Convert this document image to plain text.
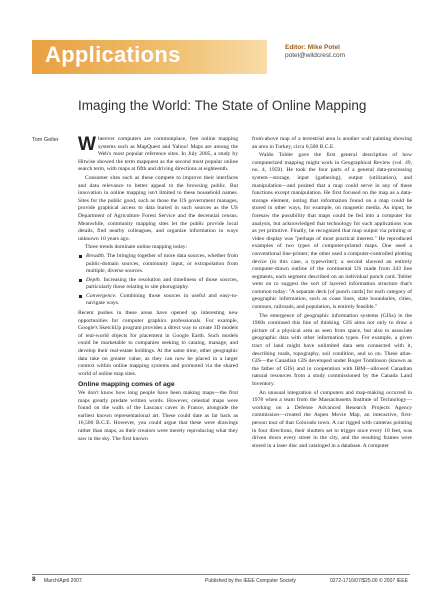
Applications	Editor: Mike Potel
potel@wildcrest.com
Imaging the World: The State of Online Mapping
Tom Geller Wherever computers are commonplace, free online mapping systems such as MapQuest and Yahoo! Maps are among the Web's most popular reference sites. In July 2005, a study by Hitwise showed the term mapquest as the second most popular online search term, with maps at fifth and driving directions at eighteenth.

Consumer sites such as these compete to improve their interfaces and data relevance to better appeal to the browsing public. But innovation in online mapping isn't limited to these household names. Sites for the public good, such as those the US government manages, provide graphical access to data buried in such sources as the US Department of Agriculture Forest Service and the decennial census. Meanwhile, community mapping sites let the public provide local details, find nearby colleagues, and organize information in ways unknown 10 years ago.

Three trends dominate online mapping today:

Breadth. The bringing together of more data sources, whether from public-domain sources, community input, or extrapolation from multiple, diverse sources.
Depth. Increasing the resolution and timeliness of those sources, particularly those relating to site photography.
Convergence. Combining those sources in useful and easy-to-navigate ways.

Recent pushes in these areas have opened up interesting new opportunities for computer graphics professionals. For example, Google's SketchUp program provides a direct way to create 3D models of real-world objects for placement in Google Earth. Such models could be marketable to companies seeking to catalog, manage, and develop their real-estate holdings. At the same time, other geographic data take on greater value, as they can now be placed in a larger context within online mapping systems and promoted via the shared world of online map sites.

Online mapping comes of age

We don't know how long people have been making maps—the first maps greatly predate written words. However, celestial maps were found on the walls of the Lascaux caves in France, alongside the earliest known representational art. These could date as far back as 16,500 B.C.E. However, you could argue that these were drawings rather than maps, as their creators were merely reproducing what they saw in the sky. The first known

from-above map of a terrestrial area is another wall painting showing an area in Turkey, circa 6,500 B.C.E.

Waldo Tobler gave the first general description of how computerized mapping might work in Geographical Review (vol. 49, no. 4, 1959). He took the four parts of a general data-processing system—storage, input (gathering), output (utilization), and manipulation—and posited that a map could serve in any of these functions except manipulation. He first focused on the map as a data-storage element, noting that information found on a map could be stored in other ways, for example, on magnetic media. As input, he foresaw the possibility that maps could be fed into a computer for analysis, but acknowledged that technology for such applications was as yet primitive. Finally, he recognized that map output via printing or video display was "perhaps of most practical interest." He reproduced examples of two types of computer-printed maps. One used a conventional line-printer; the other used a computer-controlled plotting device (in this case, a typewriter); a second showed an entirely computer-drawn outline of the continental US made from 343 line segments, each segment described on an individual punch card. Tobler went on to suggest the sort of layered information structure that's common today: "A separate deck [of punch cards] for each category of geographic information, such as coast lines, state boundaries, cities, contours, railroads, and population, is entirely feasible."

The emergence of geographic information systems (GISs) in the 1960s continued this line of thinking. GIS aims not only to draw a picture of a physical area as seen from space, but also to associate geographic data with other information types. For example, a given tract of land might have unlimited data sets connected with it, describing roads, topography, soil condition, and so on. These atlas-GIS—the Canadian GIS developed under Roger Tomlinson (known as the father of GIS) and in cooperation with IBM—allowed Canadian natural resources from a study commissioned by the Canada Land Inventory.

An unusual integration of computers and map-making occurred in 1978 when a team from the Massachusetts Institute of Technology—working on a Defense Advanced Research Projects Agency commission—created the Aspen Movie Map, an interactive, first-person tour of that Colorado town. A car rigged with cameras pointing in four directions, their shutters set to trigger once every 10 feet, was driven down every street in the city, and the resulting frames were stored in a laser disc and cataloged in a database. A computer

8 March/April 2007	Published by the IEEE Computer Society	0272-1716/07/$25.00 © 2007 IEEE
